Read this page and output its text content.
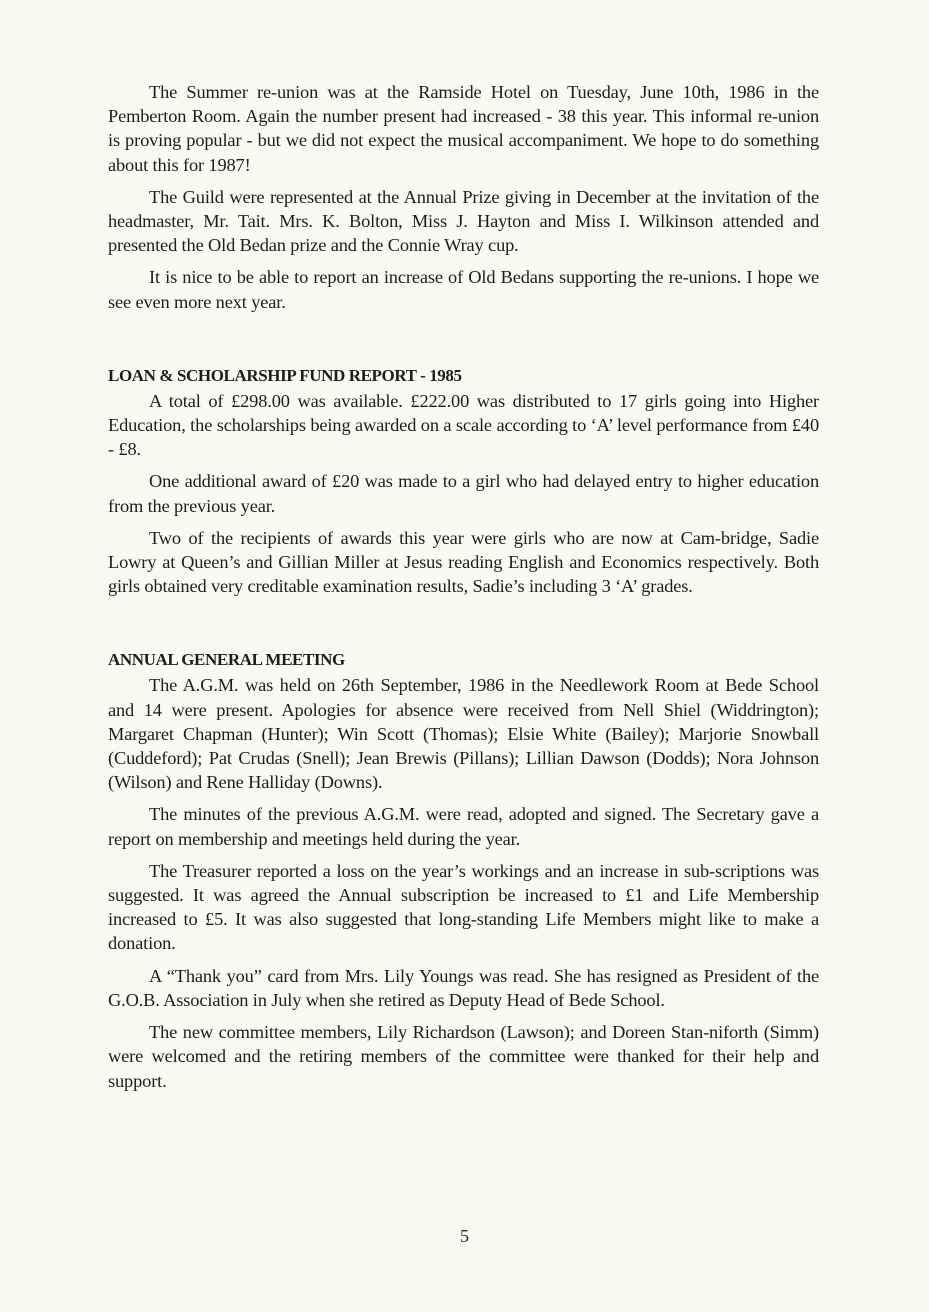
The Summer re-union was at the Ramside Hotel on Tuesday, June 10th, 1986 in the Pemberton Room. Again the number present had increased - 38 this year. This informal re-union is proving popular - but we did not expect the musical accompaniment. We hope to do something about this for 1987!

The Guild were represented at the Annual Prize giving in December at the invitation of the headmaster, Mr. Tait. Mrs. K. Bolton, Miss J. Hayton and Miss I. Wilkinson attended and presented the Old Bedan prize and the Connie Wray cup.

It is nice to be able to report an increase of Old Bedans supporting the re-unions. I hope we see even more next year.

LOAN & SCHOLARSHIP FUND REPORT - 1985

A total of £298.00 was available. £222.00 was distributed to 17 girls going into Higher Education, the scholarships being awarded on a scale according to ‘A’ level performance from £40 - £8.

One additional award of £20 was made to a girl who had delayed entry to higher education from the previous year.

Two of the recipients of awards this year were girls who are now at Cam-bridge, Sadie Lowry at Queen’s and Gillian Miller at Jesus reading English and Economics respectively. Both girls obtained very creditable examination results, Sadie’s including 3 ‘A’ grades.

ANNUAL GENERAL MEETING

The A.G.M. was held on 26th September, 1986 in the Needlework Room at Bede School and 14 were present. Apologies for absence were received from Nell Shiel (Widdrington); Margaret Chapman (Hunter); Win Scott (Thomas); Elsie White (Bailey); Marjorie Snowball (Cuddeford); Pat Crudas (Snell); Jean Brewis (Pillans); Lillian Dawson (Dodds); Nora Johnson (Wilson) and Rene Halliday (Downs).

The minutes of the previous A.G.M. were read, adopted and signed. The Secretary gave a report on membership and meetings held during the year.

The Treasurer reported a loss on the year’s workings and an increase in sub-scriptions was suggested. It was agreed the Annual subscription be increased to £1 and Life Membership increased to £5. It was also suggested that long-standing Life Members might like to make a donation.

A “Thank you” card from Mrs. Lily Youngs was read. She has resigned as President of the G.O.B. Association in July when she retired as Deputy Head of Bede School.

The new committee members, Lily Richardson (Lawson); and Doreen Stan-niforth (Simm) were welcomed and the retiring members of the committee were thanked for their help and support.

5
